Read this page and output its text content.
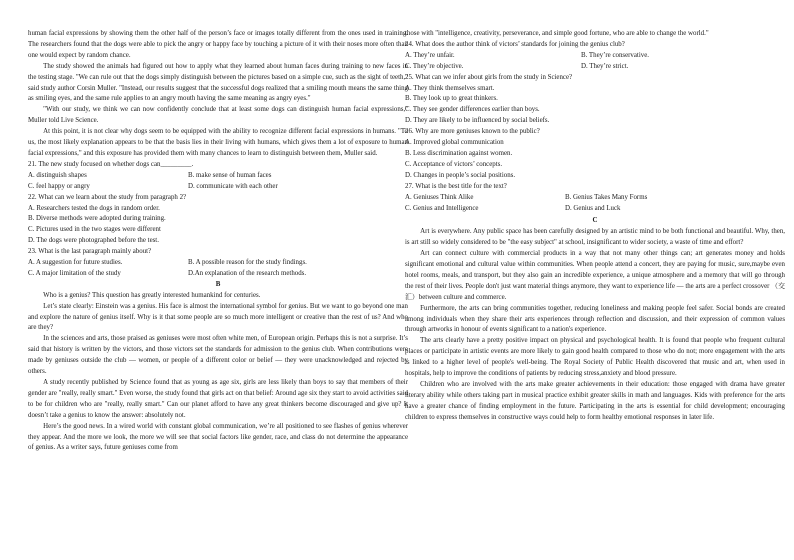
human facial expressions by showing them the other half of the person’s face or images totally different from the ones used in training. The researchers found that the dogs were able to pick the angry or happy face by touching a picture of it with their noses more often than one would expect by random chance.

The study showed the animals had figured out how to apply what they learned about human faces during training to new faces in the testing stage. "We can rule out that the dogs simply distinguish between the pictures based on a simple cue, such as the sight of teeth," said study author Corsin Muller. "Instead, our results suggest that the successful dogs realized that a smiling mouth means the same thing as smiling eyes, and the same rule applies to an angry mouth having the same meaning as angry eyes."

"With our study, we think we can now confidently conclude that at least some dogs can distinguish human facial expressions," Muller told Live Science.

At this point, it is not clear why dogs seem to be equipped with the ability to recognize different facial expressions in humans. "To us, the most likely explanation appears to be that the basis lies in their living with humans, which gives them a lot of exposure to human facial expressions," and this exposure has provided them with many chances to learn to distinguish between them, Muller said.

21. The new study focused on whether dogs can_________.

A. distinguish shapes	B. make sense of human faces
C. feel happy or angry	D. communicate with each other

22. What can we learn about the study from paragraph 2?

A. Researchers tested the dogs in random order.

B. Diverse methods were adopted during training.

C. Pictures used in the two stages were different

D. The dogs were photographed before the test.

23. What is the last paragraph mainly about?

A. A suggestion for future studies.	B. A possible reason for the study findings.
C. A major limitation of the study	D.An explanation of the research methods.

B

Who is a genius? This question has greatly interested humankind for centuries.

Let’s state clearly: Einstein was a genius. His face is almost the international symbol for genius. But we want to go beyond one man and explore the nature of genius itself. Why is it that some people are so much more intelligent or creative than the rest of us? And who are they?

In the sciences and arts, those praised as geniuses were most often white men, of European origin. Perhaps this is not a surprise. It’s said that history is written by the victors, and those victors set the standards for admission to the genius club. When contributions were made by geniuses outside the club — women, or people of a different color or belief — they were unacknowledged and rejected by others.

A study recently published by Science found that as young as age six, girls are less likely than boys to say that members of their gender are "really, really smart." Even worse, the study found that girls act on that belief: Around age six they start to avoid activities said to be for children who are "really, really smart." Can our planet afford to have any great thinkers become discouraged and give up? It doesn’t take a genius to know the answer: absolutely not.

Here’s the good news. In a wired world with constant global communication, we’re all positioned to see flashes of genius wherever they appear. And the more we look, the more we will see that social factors like gender, race, and class do not determine the appearance of genius. As a writer says, future geniuses come from

those with "intelligence, creativity, perseverance, and simple good fortune, who are able to change the world."

24. What does the author think of victors’ standards for joining the genius club?

A. They’re unfair.	B. They’re conservative.
C. They’re objective.	D. They’re strict.

25. What can we infer about girls from the study in Science?

A. They think themselves smart.

B. They look up to great thinkers.

C. They see gender differences earlier than boys.

D. They are likely to be influenced by social beliefs.

26. Why are more geniuses known to the public?

A. Improved global communication

B. Less discrimination against women.

C. Acceptance of victors’ concepts.

D. Changes in people’s social positions.

27. What is the best title for the text?

A. Geniuses Think Alike	B. Genius Takes Many Forms
C. Genius and Intelligence	D. Genius and Luck

C

Art is everywhere. Any public space has been carefully designed by an artistic mind to be both functional and beautiful. Why, then, is art still so widely considered to be "the easy subject" at school, insignificant to wider society, a waste of time and effort?

Art can connect culture with commercial products in a way that not many other things can; art generates money and holds significant emotional and cultural value within communities. When people attend a concert, they are paying for music, sure,maybe even hotel rooms, meals, and transport, but they also gain an incredible experience, a unique atmosphere and a memory that will go through the rest of their lives. People don't just want material things anymore, they want to experience life — the arts are a perfect crossover （交汇）between culture and commerce.

Furthermore, the arts can bring communities together, reducing loneliness and making people feel safer. Social bonds are created among individuals when they share their arts experiences through reflection and discussion, and their expression of common values through artworks in honour of events significant to a nation's experience.

The arts clearly have a pretty positive impact on physical and psychological health. It is found that people who frequent cultural places or participate in artistic events are more likely to gain good health compared to those who do not; more engagement with the arts is linked to a higher level of people's well-being. The Royal Society of Public Health discovered that music and art, when used in hospitals, help to improve the conditions of patients by reducing stress,anxiety and blood pressure.

Children who are involved with the arts make greater achievements in their education: those engaged with drama have greater literary ability while others taking part in musical practice exhibit greater skills in math and languages. Kids with preference for the arts have a greater chance of finding employment in the future. Participating in the arts is essential for child development; encouraging children to express themselves in constructive ways could help to form healthy emotional responses in later life.
